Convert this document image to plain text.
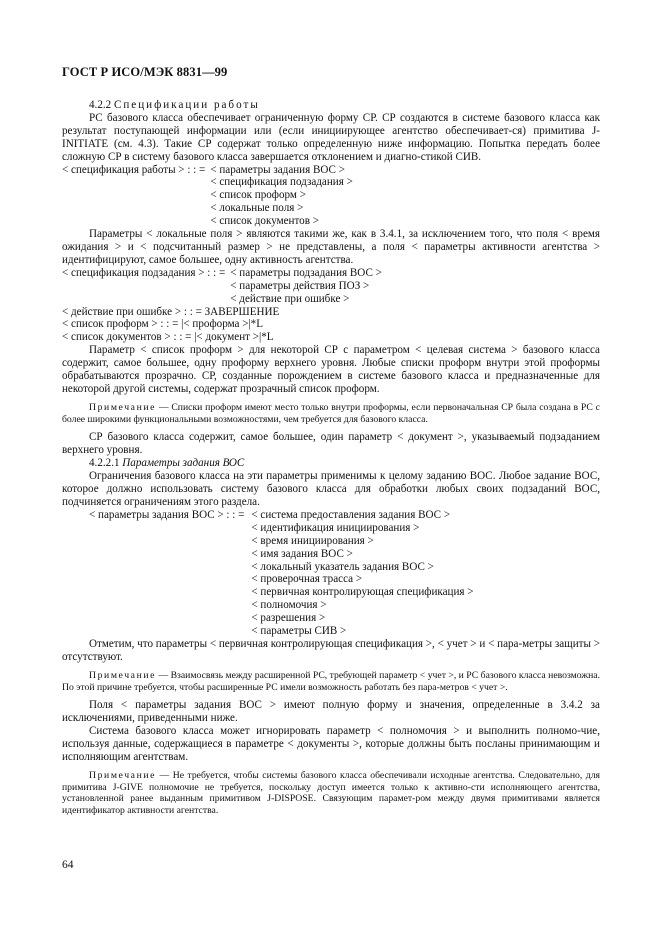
ГОСТ Р ИСО/МЭК 8831—99

4.2.2 Спецификации работы

РС базового класса обеспечивает ограниченную форму СР. СР создаются в системе базового класса как результат поступающей информации или (если инициирующее агентство обеспечивает-ся) примитива J-INITIATE (см. 4.3). Такие СР содержат только определенную ниже информацию. Попытка передать более сложную СР в систему базового класса завершается отклонением и диагно-стикой СИВ.

< спецификация работы > : : = < параметры задания ВОС >
< спецификация подзадания >
< список проформ >
< локальные поля >
< список документов >

Параметры < локальные поля > являются такими же, как в 3.4.1, за исключением того, что поля < время ожидания > и < подсчитанный размер > не представлены, а поля < параметры активности агентства > идентифицируют, самое большее, одну активность агентства.

< спецификация подзадания > : : = < параметры подзадания ВОС >
< параметры действия ПОЗ >
< действие при ошибке >
< действие при ошибке > : : = ЗАВЕРШЕНИЕ
< список проформ > : : = |< проформа >|*L
< список документов > : : = |< документ >|*L

Параметр < список проформ > для некоторой СР с параметром < целевая система > базового класса содержит, самое большее, одну проформу верхнего уровня. Любые списки проформ внутри этой проформы обрабатываются прозрачно. СР, созданные порождением в системе базового класса и предназначенные для некоторой другой системы, содержат прозрачный список проформ.

Примечание — Списки проформ имеют место только внутри проформы, если первоначальная СР была создана в РС с более широкими функциональными возможностями, чем требуется для базового класса.

СР базового класса содержит, самое большее, один параметр < документ >, указываемый подзаданием верхнего уровня.

4.2.2.1 Параметры задания ВОС

Ограничения базового класса на эти параметры применимы к целому заданию ВОС. Любое задание ВОС, которое должно использовать систему базового класса для обработки любых своих подзаданий ВОС, подчиняется ограничениям этого раздела.

< параметры задания ВОС > : : = < система предоставления задания ВОС >
< идентификация инициирования >
< время инициирования >
< имя задания ВОС >
< локальный указатель задания ВОС >
< проверочная трасса >
< первичная контролирующая спецификация >
< полномочия >
< разрешения >
< параметры СИВ >

Отметим, что параметры < первичная контролирующая спецификация >, < учет > и < пара-метры защиты > отсутствуют.

Примечание — Взаимосвязь между расширенной РС, требующей параметр < учет >, и РС базового класса невозможна. По этой причине требуется, чтобы расширенные РС имели возможность работать без пара-метров < учет >.

Поля < параметры задания ВОС > имеют полную форму и значения, определенные в 3.4.2 за исключениями, приведенными ниже.

Система базового класса может игнорировать параметр < полномочия > и выполнить полномо-чие, используя данные, содержащиеся в параметре < документы >, которые должны быть посланы принимающим и исполняющим агентствам.

Примечание — Не требуется, чтобы системы базового класса обеспечивали исходные агентства. Следовательно, для примитива J-GIVE полномочие не требуется, поскольку доступ имеется только к активно-сти исполняющего агентства, установленной ранее выданным примитивом J-DISPOSE. Связующим парамет-ром между двумя примитивами является идентификатор активности агентства.

64
